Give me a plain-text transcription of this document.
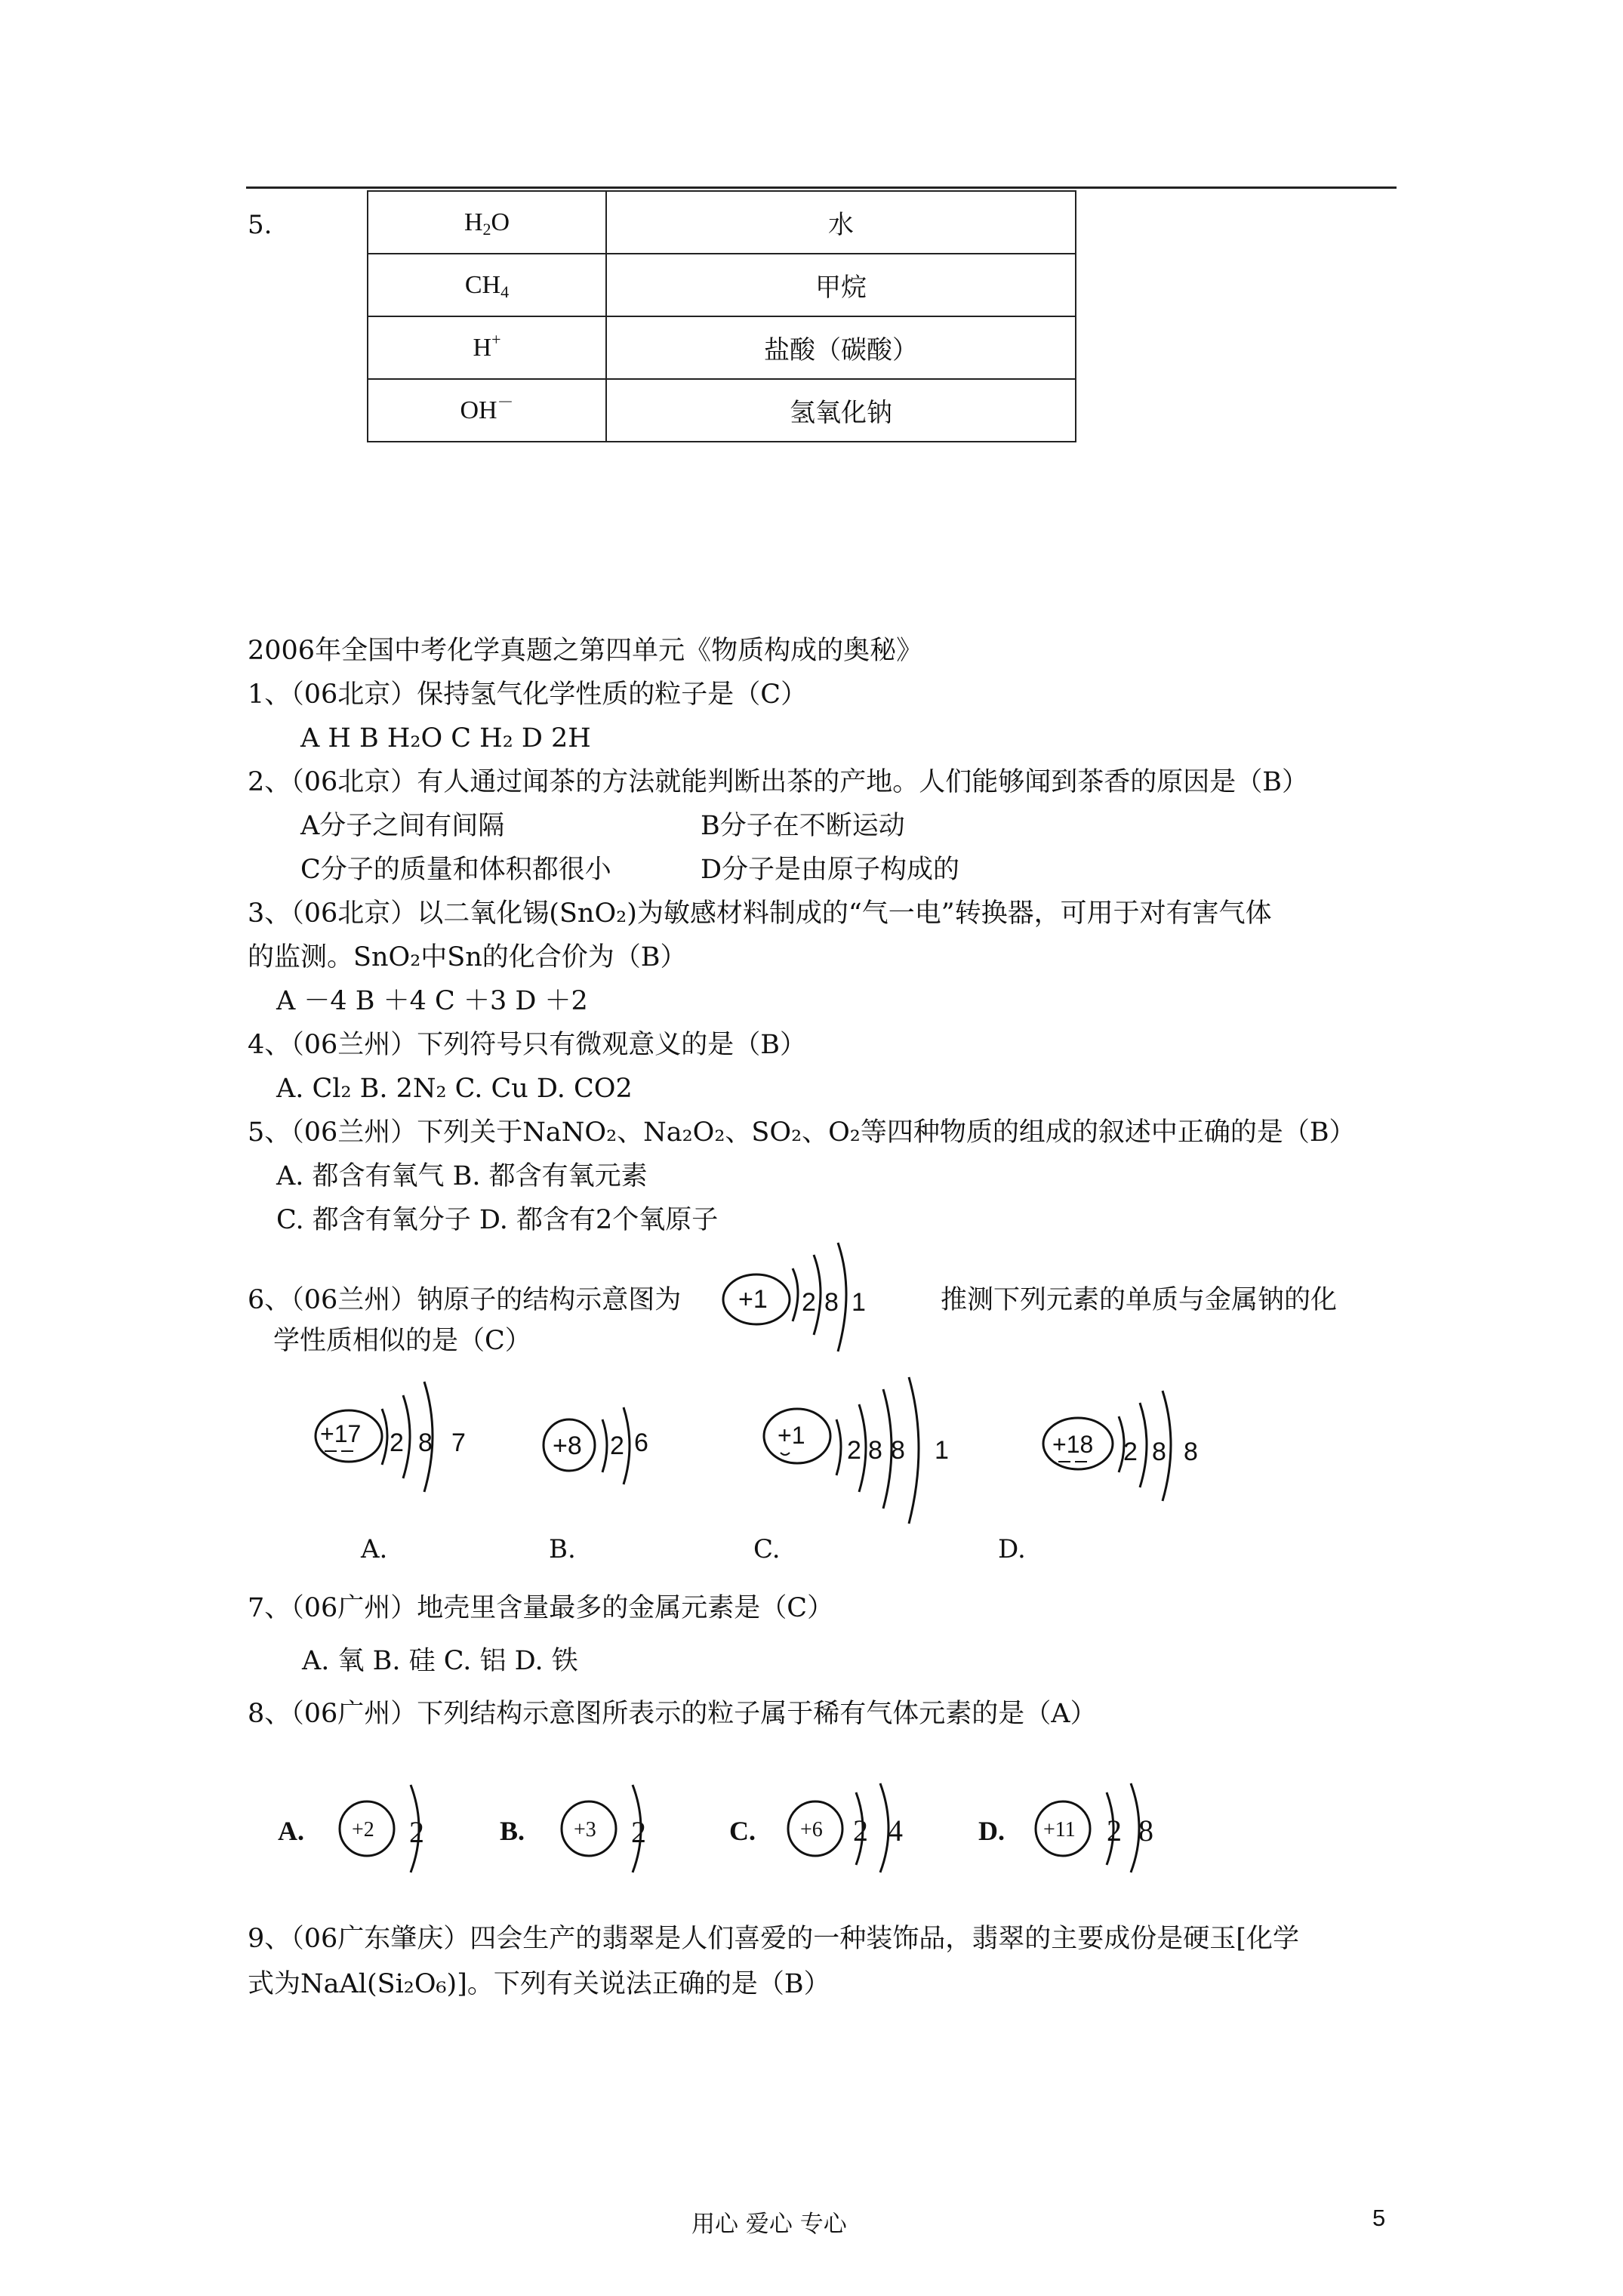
5.	$H_2O$	水
$CH_4$	甲烷
H+	盐酸（碳酸）
OH－	氢氧化钠
2006年全国中考化学真题之第四单元《物质构成的奥秘》
1、（06北京）保持氢气化学性质的粒子是（C）
A H B H₂O C H₂ D 2H
2、（06北京）有人通过闻茶的方法就能判断出茶的产地。人们能够闻到茶香的原因是（B）
A分子之间有间隔	B分子在不断运动
C分子的质量和体积都很小	D分子是由原子构成的
3、（06北京）以二氧化锡(SnO₂)为敏感材料制成的“气一电”转换器，可用于对有害气体
的监测。SnO₂中Sn的化合价为（B）
A －4 B ＋4 C ＋3 D ＋2
4、（06兰州）下列符号只有微观意义的是（B）
A. Cl₂ B. 2N₂ C. Cu D. CO2
5、（06兰州）下列关于NaNO₂、Na₂O₂、SO₂、O₂等四种物质的组成的叙述中正确的是（B）
A. 都含有氧气 B. 都含有氧元素
C. 都含有氧分子 D. 都含有2个氧原子
6、（06兰州）钠原子的结构示意图为 +1 2 8 1	推测下列元素的单质与金属钠的化
学性质相似的是（C）
+17 2 8 7	+8 2 6	+1
2 8 8 1	+18 2 8 8
A.	B.	C.	D.
7、（06广州）地壳里含量最多的金属元素是（C）
A. 氧 B. 硅 C. 铝 D. 铁
8、（06广州）下列结构示意图所表示的粒子属于稀有气体元素的是（A）
A. +2 2	B. +3 2	C. +6 2 4	D. +11 2 8
9、（06广东肇庆）四会生产的翡翠是人们喜爱的一种装饰品，翡翠的主要成份是硬玉[化学
式为NaAl(Si₂O₆)]。下列有关说法正确的是（B）
用心 爱心 专心	5
